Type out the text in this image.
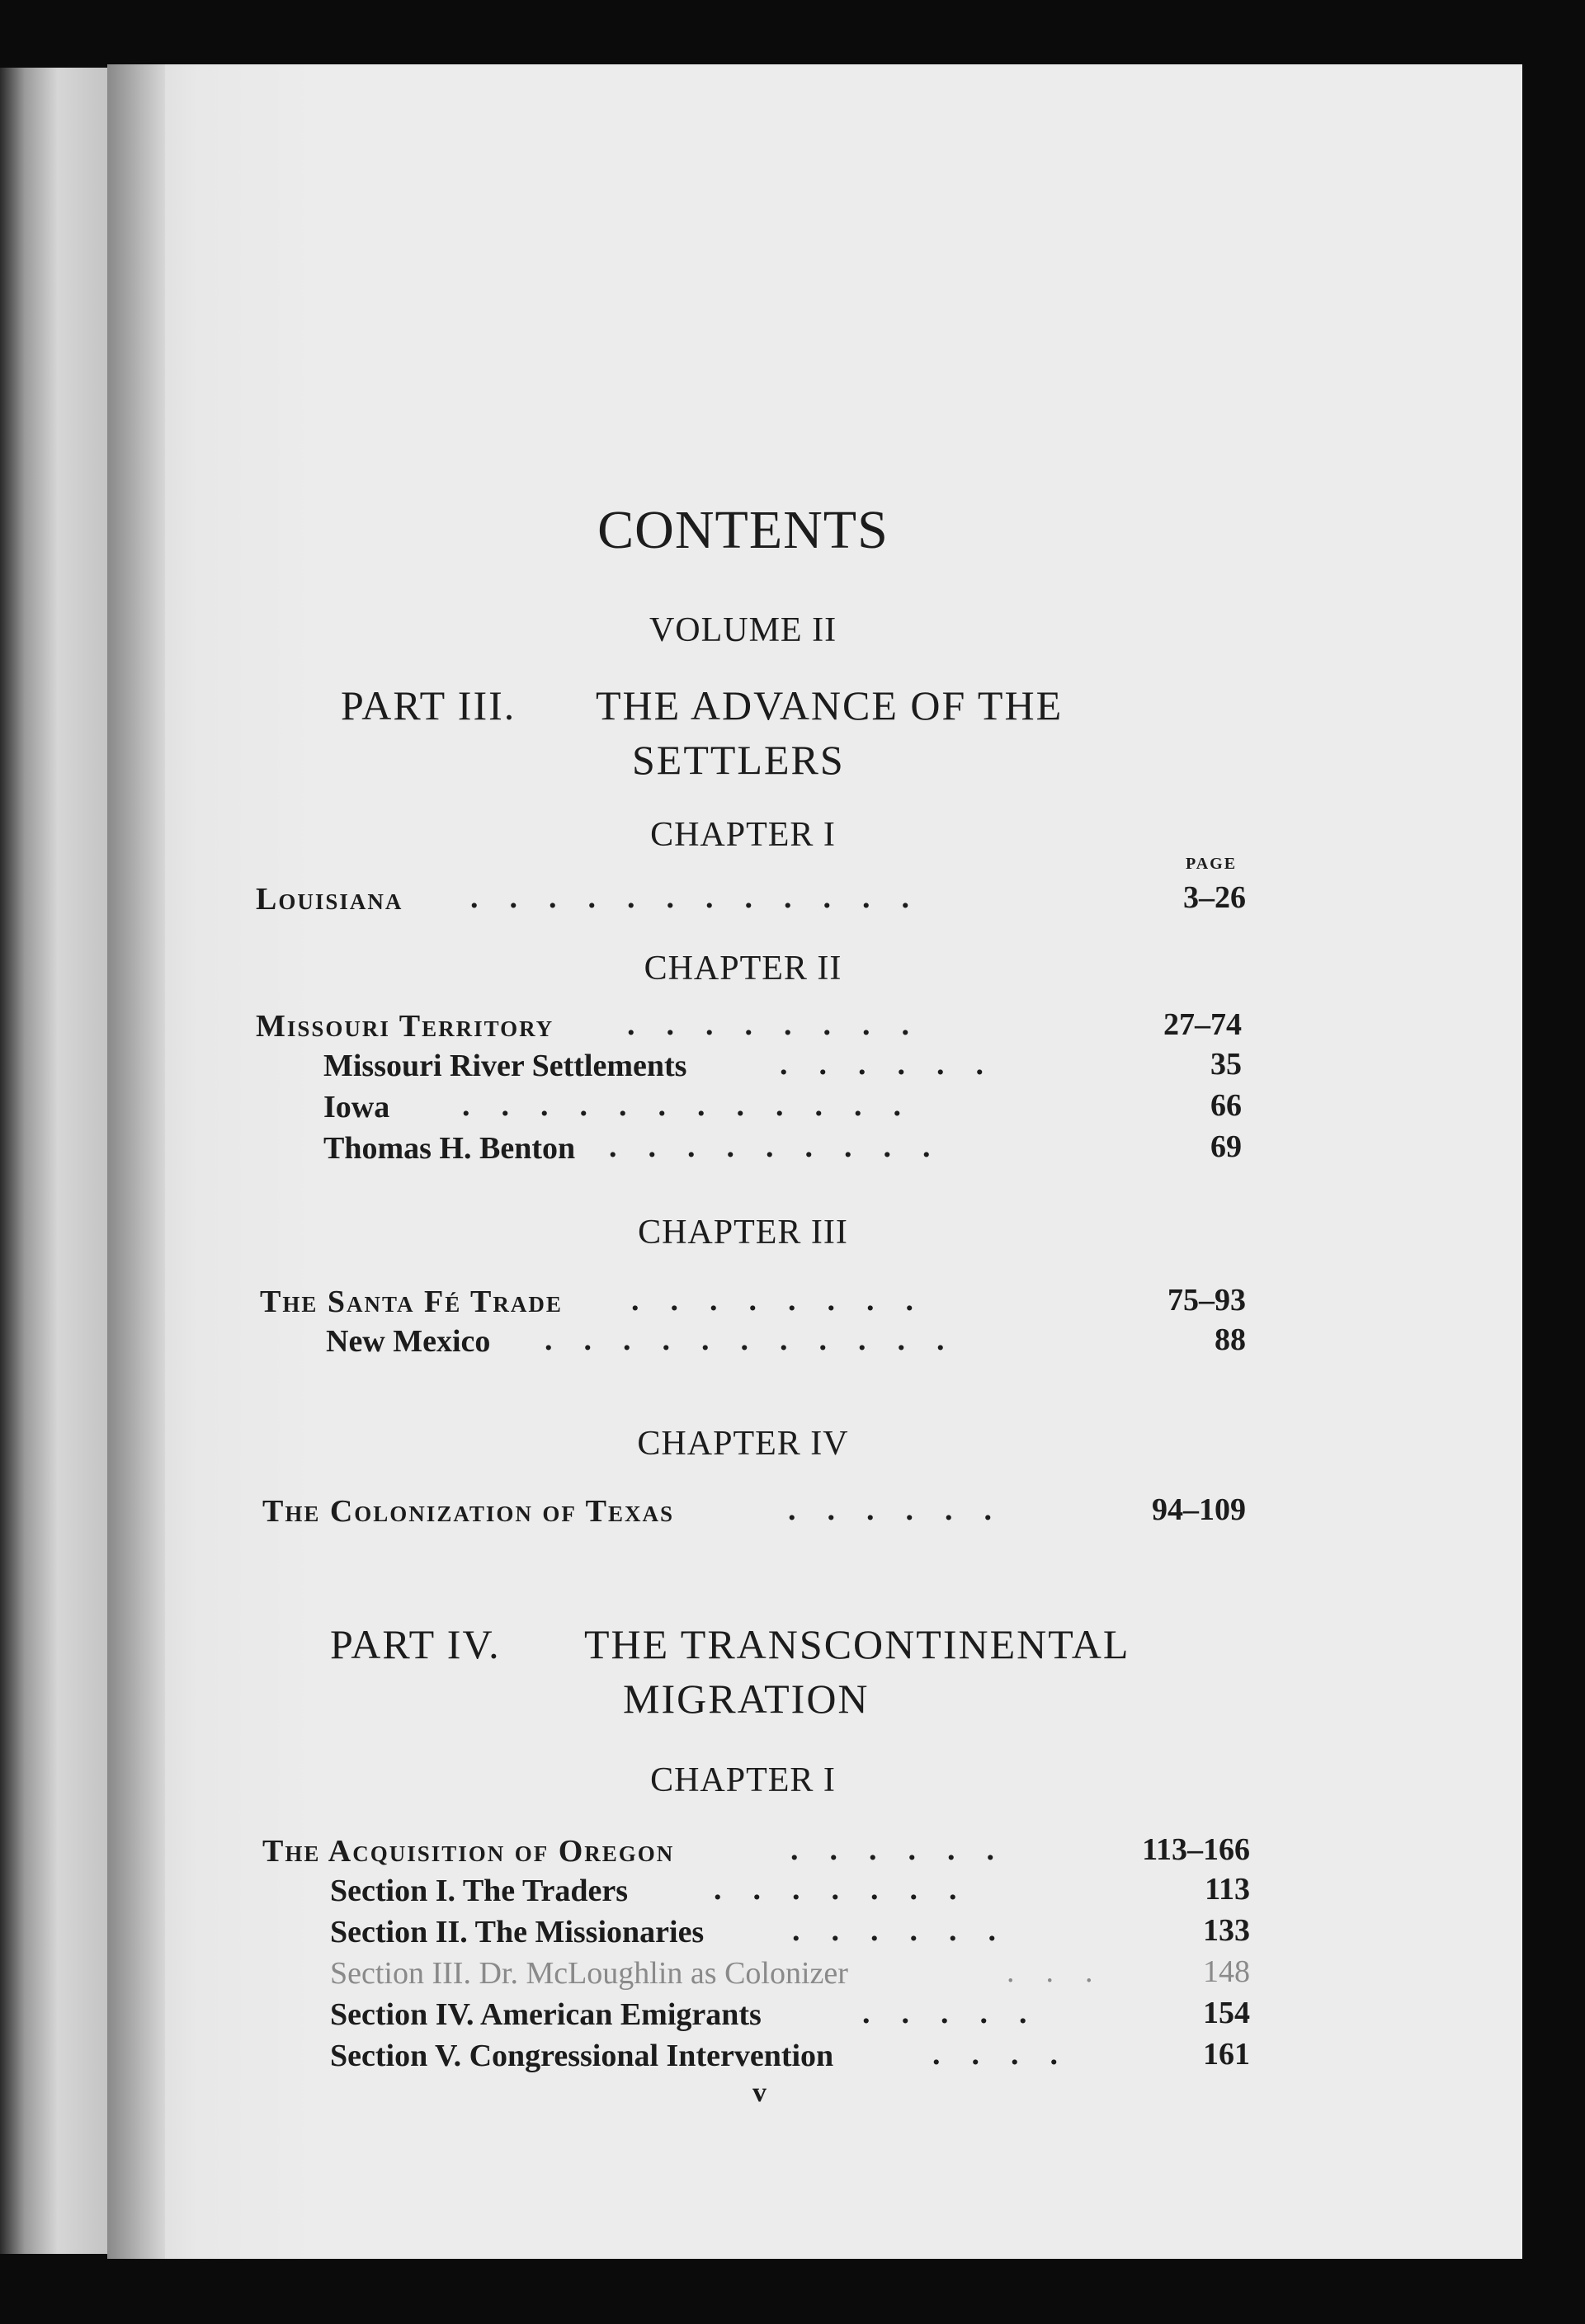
CONTENTS
VOLUME II
PART III. THE ADVANCE OF THE
SETTLERS
CHAPTER I
PAGE
Louisiana .    .    .    .    .    .    .    .    .    .    .    .	3–26
CHAPTER II
Missouri Territory .    .    .    .    .    .    .    .	27–74
Missouri River Settlements	.    .    .    .    .    .	35
Iowa .    .    .    .    .    .    .    .    .    .    .    .	66
Thomas H. Benton .    .    .    .    .    .    .    .    .	69
CHAPTER III
The Santa Fé Trade .    .    .    .    .    .    .    .	75–93
New Mexico .    .    .    .    .    .    .    .    .    .    .	88
CHAPTER IV
The Colonization of Texas	.    .    .    .    .    .	94–109
PART IV. THE TRANSCONTINENTAL
MIGRATION
CHAPTER I
The Acquisition of Oregon	.    .    .    .    .    .	113–166
Section I. The Traders	.    .    .    .    .    .    .	113
Section II. The Missionaries	.    .    .    .    .    .	133
Section III. Dr. McLoughlin as Colonizer	.    .    .	148
Section IV. American Emigrants	.    .    .    .    .	154
Section V. Congressional Intervention	.    .    .    .	161
v
